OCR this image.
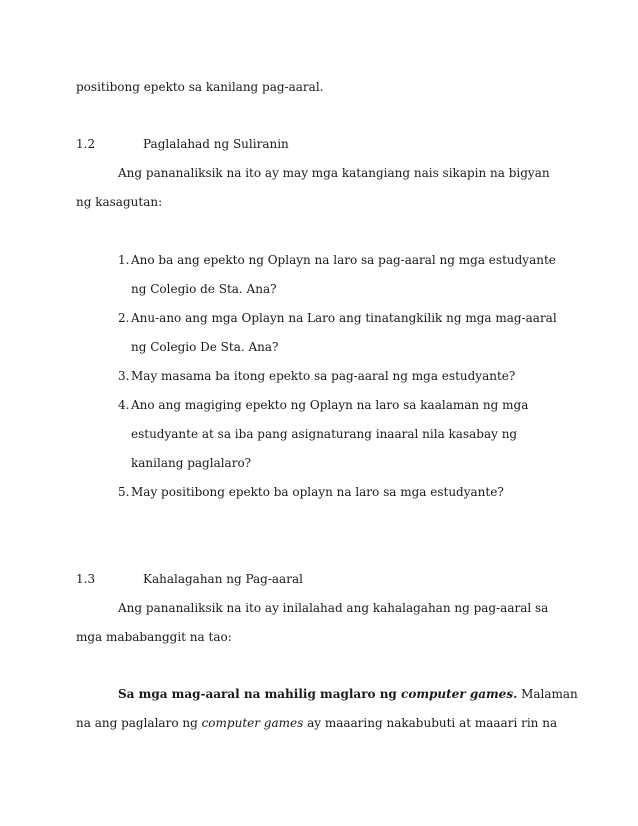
positibong epekto sa kanilang pag-aaral.
1.2	Paglalahad ng Suliranin
Ang pananaliksik na ito ay may mga katangiang nais sikapin na bigyan
ng kasagutan:
1. Ano ba ang epekto ng Oplayn na laro sa pag-aaral ng mga estudyante
ng Colegio de Sta. Ana?
2. Anu-ano ang mga Oplayn na Laro ang tinatangkilik ng mga mag-aaral
ng Colegio De Sta. Ana?
3. May masama ba itong epekto sa pag-aaral ng mga estudyante?
4. Ano ang magiging epekto ng Oplayn na laro sa kaalaman ng mga
estudyante at sa iba pang asignaturang inaaral nila kasabay ng
kanilang paglalaro?
5. May positibong epekto ba oplayn na laro sa mga estudyante?
1.3	Kahalagahan ng Pag-aaral
Ang pananaliksik na ito ay inilalahad ang kahalagahan ng pag-aaral sa
mga mababanggit na tao:
Sa mga mag-aaral na mahilig maglaro ng computer games. Malaman
na ang paglalaro ng computer games ay maaaring nakabubuti at maaari rin na
